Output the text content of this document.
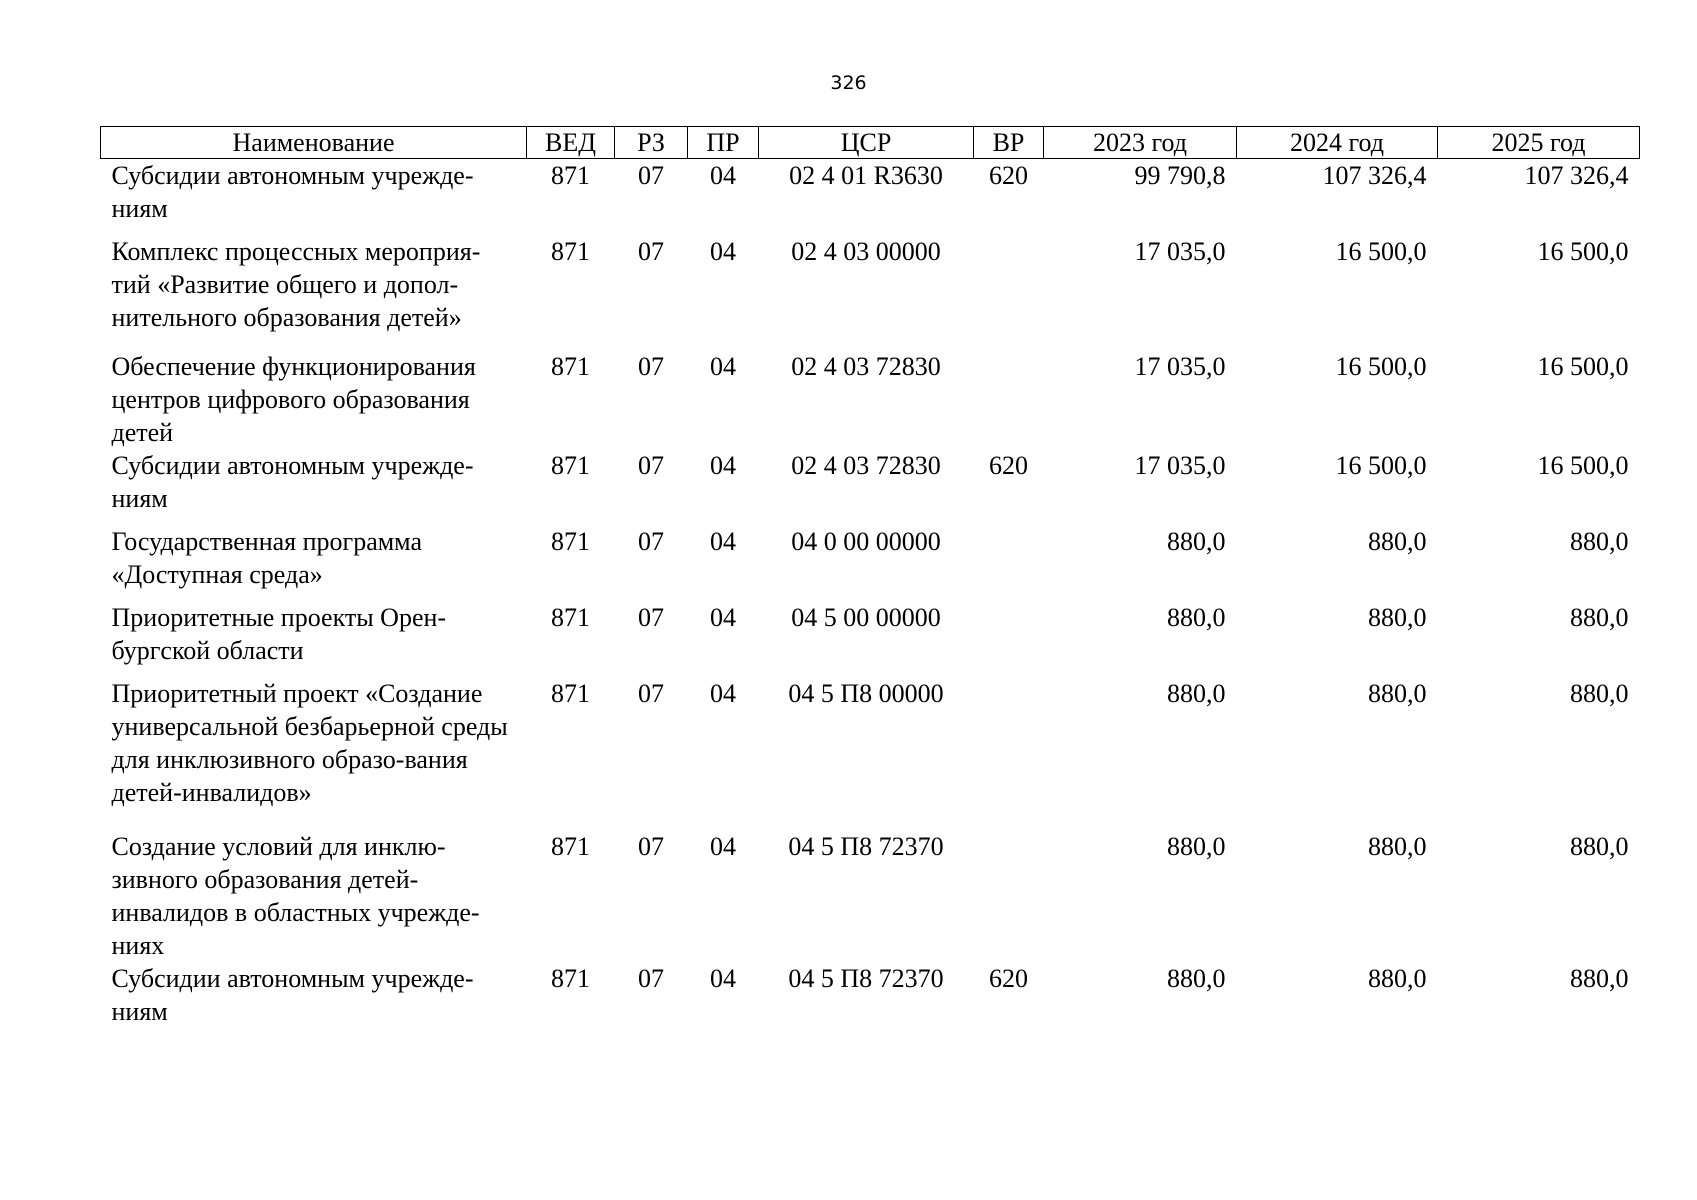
326
Наименование	ВЕД	РЗ	ПР	ЦСР	ВР	2023 год	2024 год	2025 год
Субсидии автономным учрежде-ниям	871	07	04	02 4 01 R3630	620	99 790,8	107 326,4	107 326,4
Комплекс процессных мероприя-тий «Развитие общего и допол-нительного образования детей»	871	07	04	02 4 03 00000		17 035,0	16 500,0	16 500,0
Обеспечение функционирования центров цифрового образования детей	871	07	04	02 4 03 72830		17 035,0	16 500,0	16 500,0
Субсидии автономным учрежде-ниям	871	07	04	02 4 03 72830	620	17 035,0	16 500,0	16 500,0
Государственная программа «Доступная среда»	871	07	04	04 0 00 00000		880,0	880,0	880,0
Приоритетные проекты Орен-бургской области	871	07	04	04 5 00 00000		880,0	880,0	880,0
Приоритетный проект «Создание универсальной безбарьерной среды для инклюзивного образо-вания детей-инвалидов»	871	07	04	04 5 П8 00000		880,0	880,0	880,0
Создание условий для инклю-зивного образования детей-инвалидов в областных учрежде-ниях	871	07	04	04 5 П8 72370		880,0	880,0	880,0
Субсидии автономным учрежде-ниям	871	07	04	04 5 П8 72370	620	880,0	880,0	880,0
